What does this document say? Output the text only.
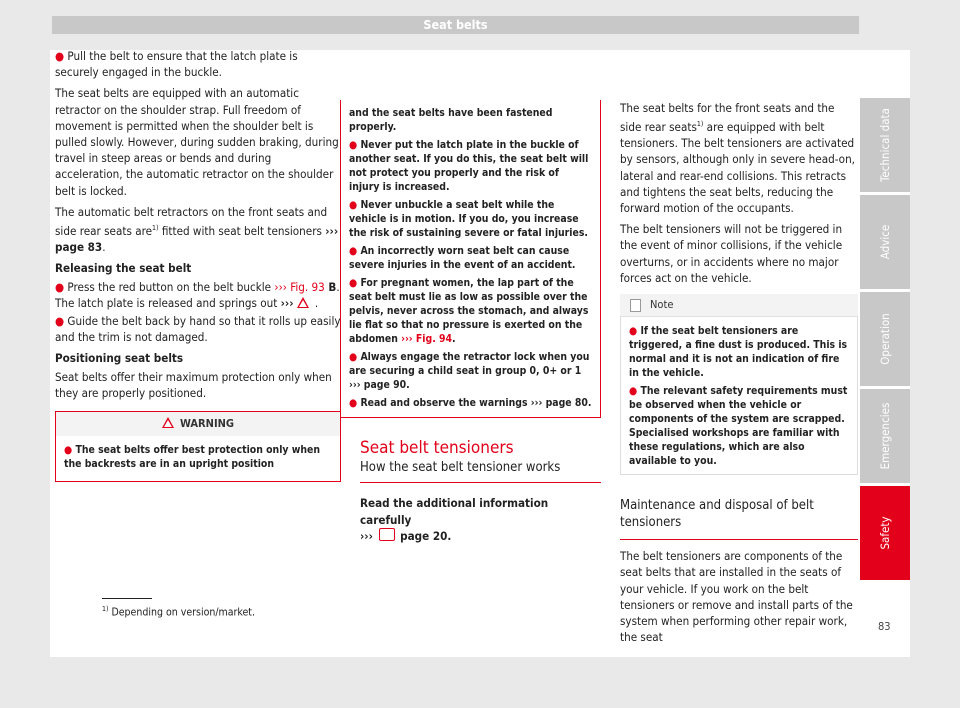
Seat belts

● Pull the belt to ensure that the latch plate is securely engaged in the buckle.

The seat belts are equipped with an automatic retractor on the shoulder strap. Full freedom of movement is permitted when the shoulder belt is pulled slowly. However, during sudden braking, during travel in steep areas or bends and during acceleration, the automatic retractor on the shoulder belt is locked.

The automatic belt retractors on the front seats and side rear seats are$^{1)}$ fitted with seat belt tensioners ››› page 83.

Releasing the seat belt

● Press the red button on the belt buckle ››› Fig. 93 B. The latch plate is released and springs out ››› .

● Guide the belt back by hand so that it rolls up easily and the trim is not damaged.

Positioning seat belts

Seat belts offer their maximum protection only when they are properly positioned.

WARNING

● The seat belts offer best protection only when the backrests are in an upright position

and the seat belts have been fastened properly.

● Never put the latch plate in the buckle of another seat. If you do this, the seat belt will not protect you properly and the risk of injury is increased.

● Never unbuckle a seat belt while the vehicle is in motion. If you do, you increase the risk of sustaining severe or fatal injuries.

● An incorrectly worn seat belt can cause severe injuries in the event of an accident.

● For pregnant women, the lap part of the seat belt must lie as low as possible over the pelvis, never across the stomach, and always lie flat so that no pressure is exerted on the abdomen ››› Fig. 94.

● Always engage the retractor lock when you are securing a child seat in group 0, 0+ or 1 ››› page 90.

● Read and observe the warnings ››› page 80.

Seat belt tensioners
How the seat belt tensioner works

Read the additional information carefully
››› page 20.

The seat belts for the front seats and the side rear seats$^{1)}$ are equipped with belt tensioners. The belt tensioners are activated by sensors, although only in severe head-on, lateral and rear-end collisions. This retracts and tightens the seat belts, reducing the forward motion of the occupants.

The belt tensioners will not be triggered in the event of minor collisions, if the vehicle overturns, or in accidents where no major forces act on the vehicle.

Note

● If the seat belt tensioners are triggered, a fine dust is produced. This is normal and it is not an indication of fire in the vehicle.

● The relevant safety requirements must be observed when the vehicle or components of the system are scrapped. Specialised workshops are familiar with these regulations, which are also available to you.

Maintenance and disposal of belt tensioners

The belt tensioners are components of the seat belts that are installed in the seats of your vehicle. If you work on the belt tensioners or remove and install parts of the system when performing other repair work, the seat

Technical data
Advice
Operation
Emergencies
Safety
$^{1)}$ Depending on version/market.
83
